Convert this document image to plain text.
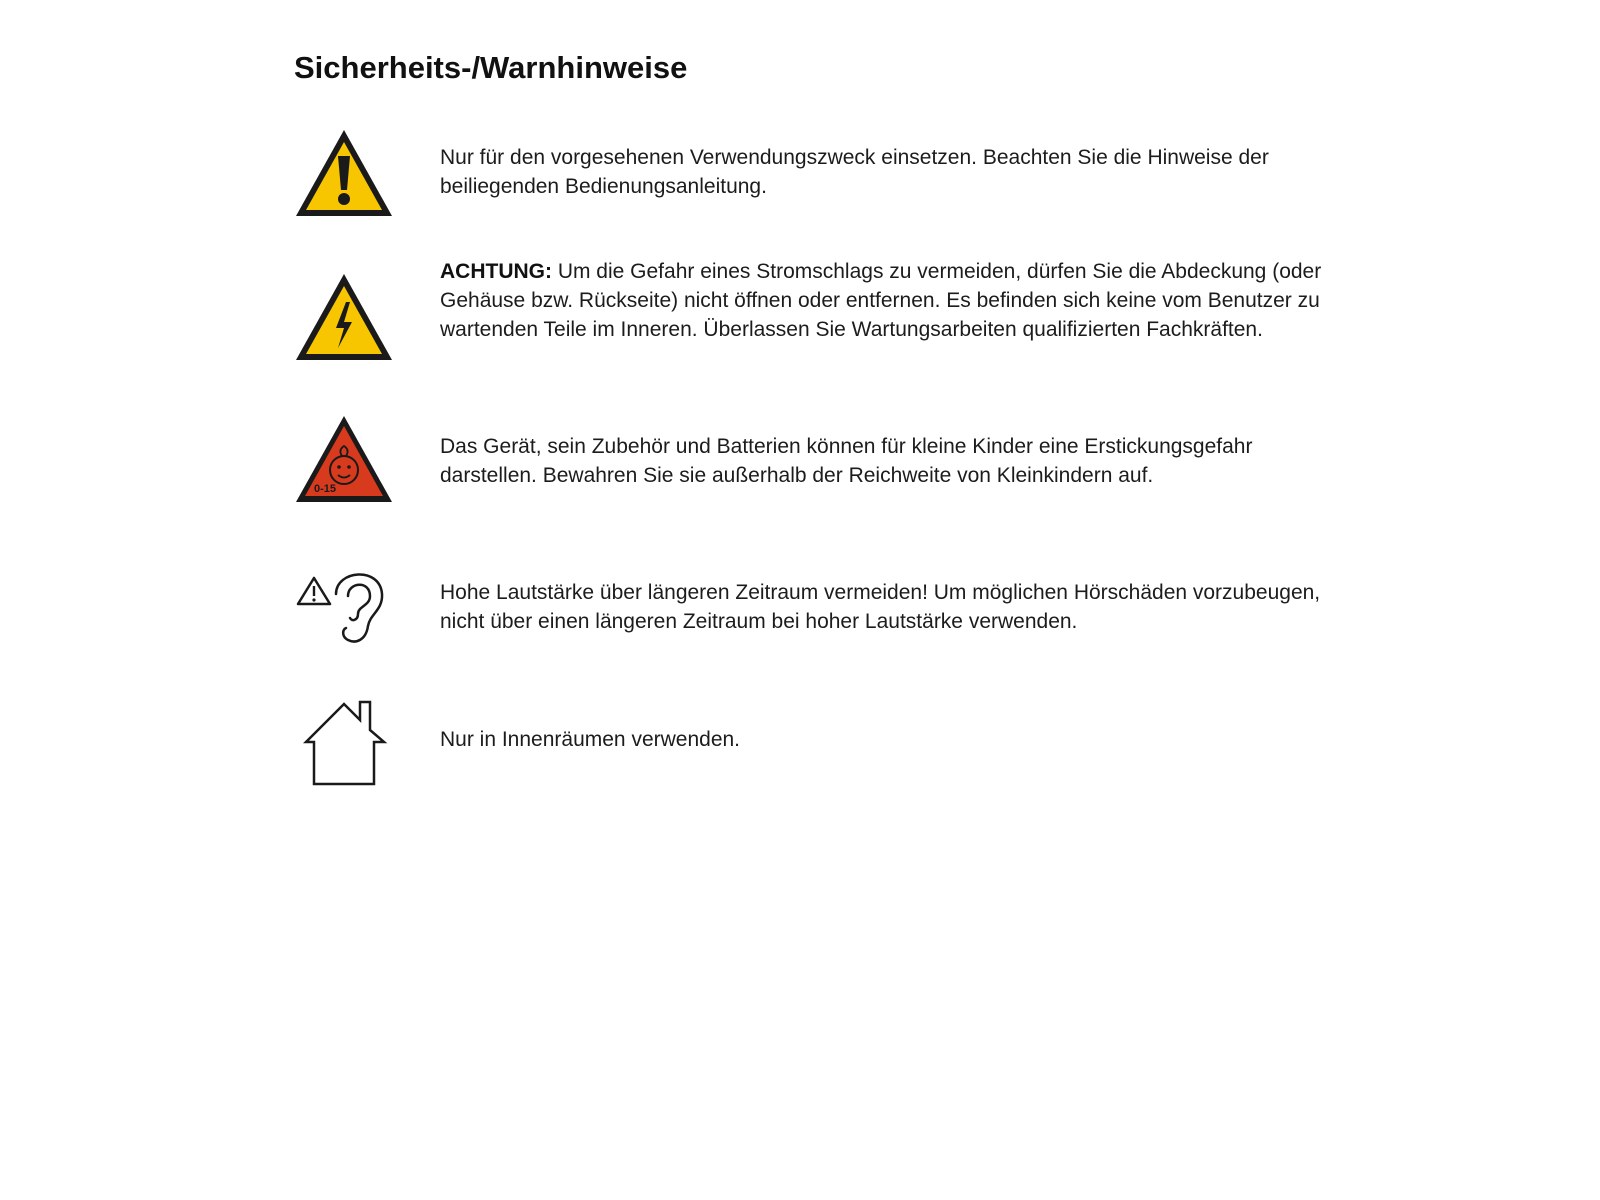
Sicherheits-/Warnhinweise

Nur für den vorgesehenen Verwendungszweck einsetzen. Beachten Sie die Hinweise der beiliegenden Bedienungsanleitung.

ACHTUNG: Um die Gefahr eines Stromschlags zu vermeiden, dürfen Sie die Abdeckung (oder Gehäuse bzw. Rückseite) nicht öffnen oder entfernen. Es befinden sich keine vom Benutzer zu wartenden Teile im Inneren. Überlassen Sie Wartungsarbeiten qualifizierten Fachkräften.

0-15

Das Gerät, sein Zubehör und Batterien können für kleine Kinder eine Erstickungsgefahr darstellen. Bewahren Sie sie außerhalb der Reichweite von Kleinkindern auf.

Hohe Lautstärke über längeren Zeitraum vermeiden! Um möglichen Hörschäden vorzubeugen, nicht über einen längeren Zeitraum bei hoher Lautstärke verwenden.

Nur in Innenräumen verwenden.
